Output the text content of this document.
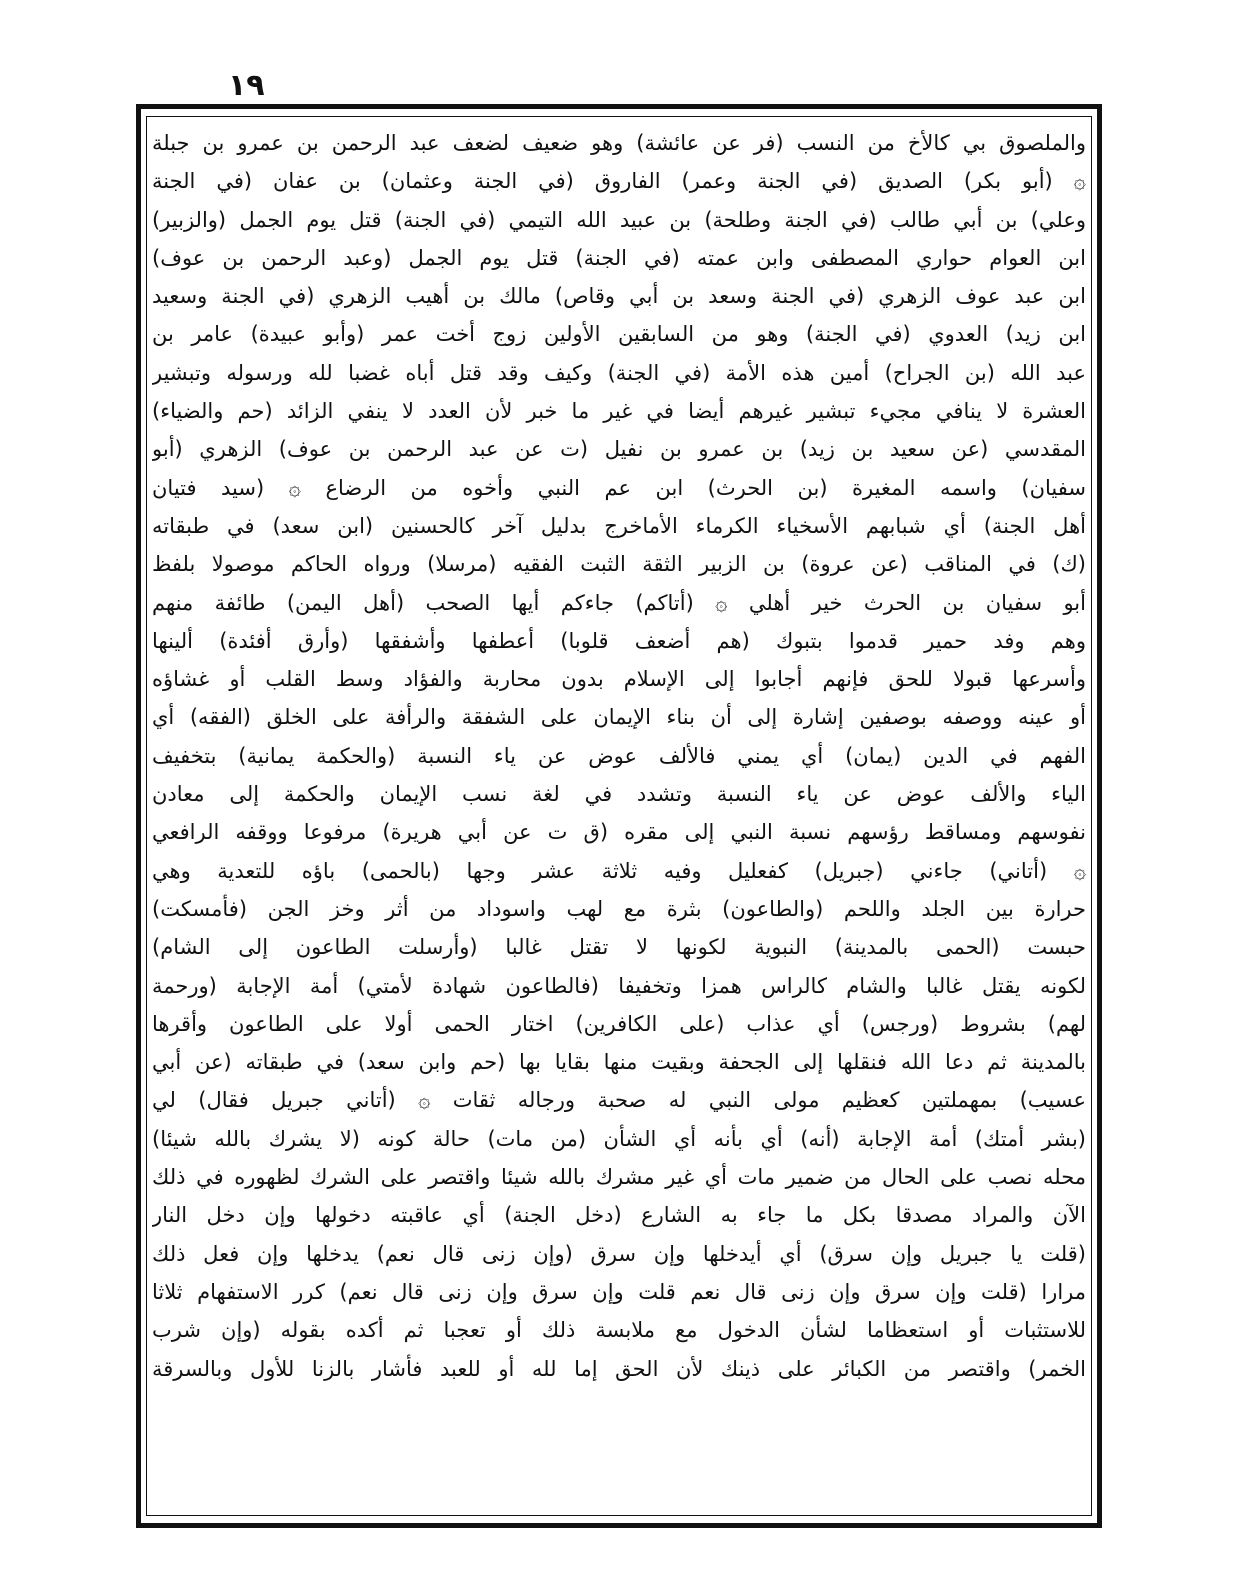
١٩
والملصوق بي كالأخ من النسب (فر عن عائشة) وهو ضعيف لضعف عبد الرحمن بن عمرو بن جبلة
۞ (أبو بكر) الصديق (في الجنة وعمر) الفاروق (في الجنة وعثمان) بن عفان (في الجنة
وعلي) بن أبي طالب (في الجنة وطلحة) بن عبيد الله التيمي (في الجنة) قتل يوم الجمل (والزبير)
ابن العوام حواري المصطفى وابن عمته (في الجنة) قتل يوم الجمل (وعبد الرحمن بن عوف)
ابن عبد عوف الزهري (في الجنة وسعد بن أبي وقاص) مالك بن أهيب الزهري (في الجنة وسعيد
ابن زيد) العدوي (في الجنة) وهو من السابقين الأولين زوج أخت عمر (وأبو عبيدة) عامر بن
عبد الله (بن الجراح) أمين هذه الأمة (في الجنة) وكيف وقد قتل أباه غضبا لله ورسوله وتبشير
العشرة لا ينافي مجيء تبشير غيرهم أيضا في غير ما خبر لأن العدد لا ينفي الزائد (حم والضياء)
المقدسي (عن سعيد بن زيد) بن عمرو بن نفيل (ت عن عبد الرحمن بن عوف) الزهري (أبو
سفيان) واسمه المغيرة (بن الحرث) ابن عم النبي وأخوه من الرضاع ۞ (سيد فتيان
أهل الجنة) أي شبابهم الأسخياء الكرماء الأماخرج بدليل آخر كالحسنين (ابن سعد) في طبقاته
(ك) في المناقب (عن عروة) بن الزبير الثقة الثبت الفقيه (مرسلا) ورواه الحاكم موصولا بلفظ
أبو سفيان بن الحرث خير أهلي ۞ (أتاكم) جاءكم أيها الصحب (أهل اليمن) طائفة منهم
وهم وفد حمير قدموا بتبوك (هم أضعف قلوبا) أعطفها وأشفقها (وأرق أفئدة) ألينها
وأسرعها قبولا للحق فإنهم أجابوا إلى الإسلام بدون محاربة والفؤاد وسط القلب أو غشاؤه
أو عينه ووصفه بوصفين إشارة إلى أن بناء الإيمان على الشفقة والرأفة على الخلق (الفقه) أي
الفهم في الدين (يمان) أي يمني فالألف عوض عن ياء النسبة (والحكمة يمانية) بتخفيف
الياء والألف عوض عن ياء النسبة وتشدد في لغة نسب الإيمان والحكمة إلى معادن
نفوسهم ومساقط رؤسهم نسبة النبي إلى مقره (ق ت عن أبي هريرة) مرفوعا ووقفه الرافعي
۞ (أتاني) جاءني (جبريل) كفعليل وفيه ثلاثة عشر وجها (بالحمى) باؤه للتعدية وهي
حرارة بين الجلد واللحم (والطاعون) بثرة مع لهب واسوداد من أثر وخز الجن (فأمسكت)
حبست (الحمى بالمدينة) النبوية لكونها لا تقتل غالبا (وأرسلت الطاعون إلى الشام)
لكونه يقتل غالبا والشام كالراس همزا وتخفيفا (فالطاعون شهادة لأمتي) أمة الإجابة (ورحمة
لهم) بشروط (ورجس) أي عذاب (على الكافرين) اختار الحمى أولا على الطاعون وأقرها
بالمدينة ثم دعا الله فنقلها إلى الجحفة وبقيت منها بقايا بها (حم وابن سعد) في طبقاته (عن أبي
عسيب) بمهملتين كعظيم مولى النبي له صحبة ورجاله ثقات ۞ (أتاني جبريل فقال) لي
(بشر أمتك) أمة الإجابة (أنه) أي بأنه أي الشأن (من مات) حالة كونه (لا يشرك بالله شيئا)
محله نصب على الحال من ضمير مات أي غير مشرك بالله شيئا واقتصر على الشرك لظهوره في ذلك
الآن والمراد مصدقا بكل ما جاء به الشارع (دخل الجنة) أي عاقبته دخولها وإن دخل النار
(قلت يا جبريل وإن سرق) أي أيدخلها وإن سرق (وإن زنى قال نعم) يدخلها وإن فعل ذلك
مرارا (قلت وإن سرق وإن زنى قال نعم قلت وإن سرق وإن زنى قال نعم) كرر الاستفهام ثلاثا
للاستثبات أو استعظاما لشأن الدخول مع ملابسة ذلك أو تعجبا ثم أكده بقوله (وإن شرب
الخمر) واقتصر من الكبائر على ذينك لأن الحق إما لله أو للعبد فأشار بالزنا للأول وبالسرقة
